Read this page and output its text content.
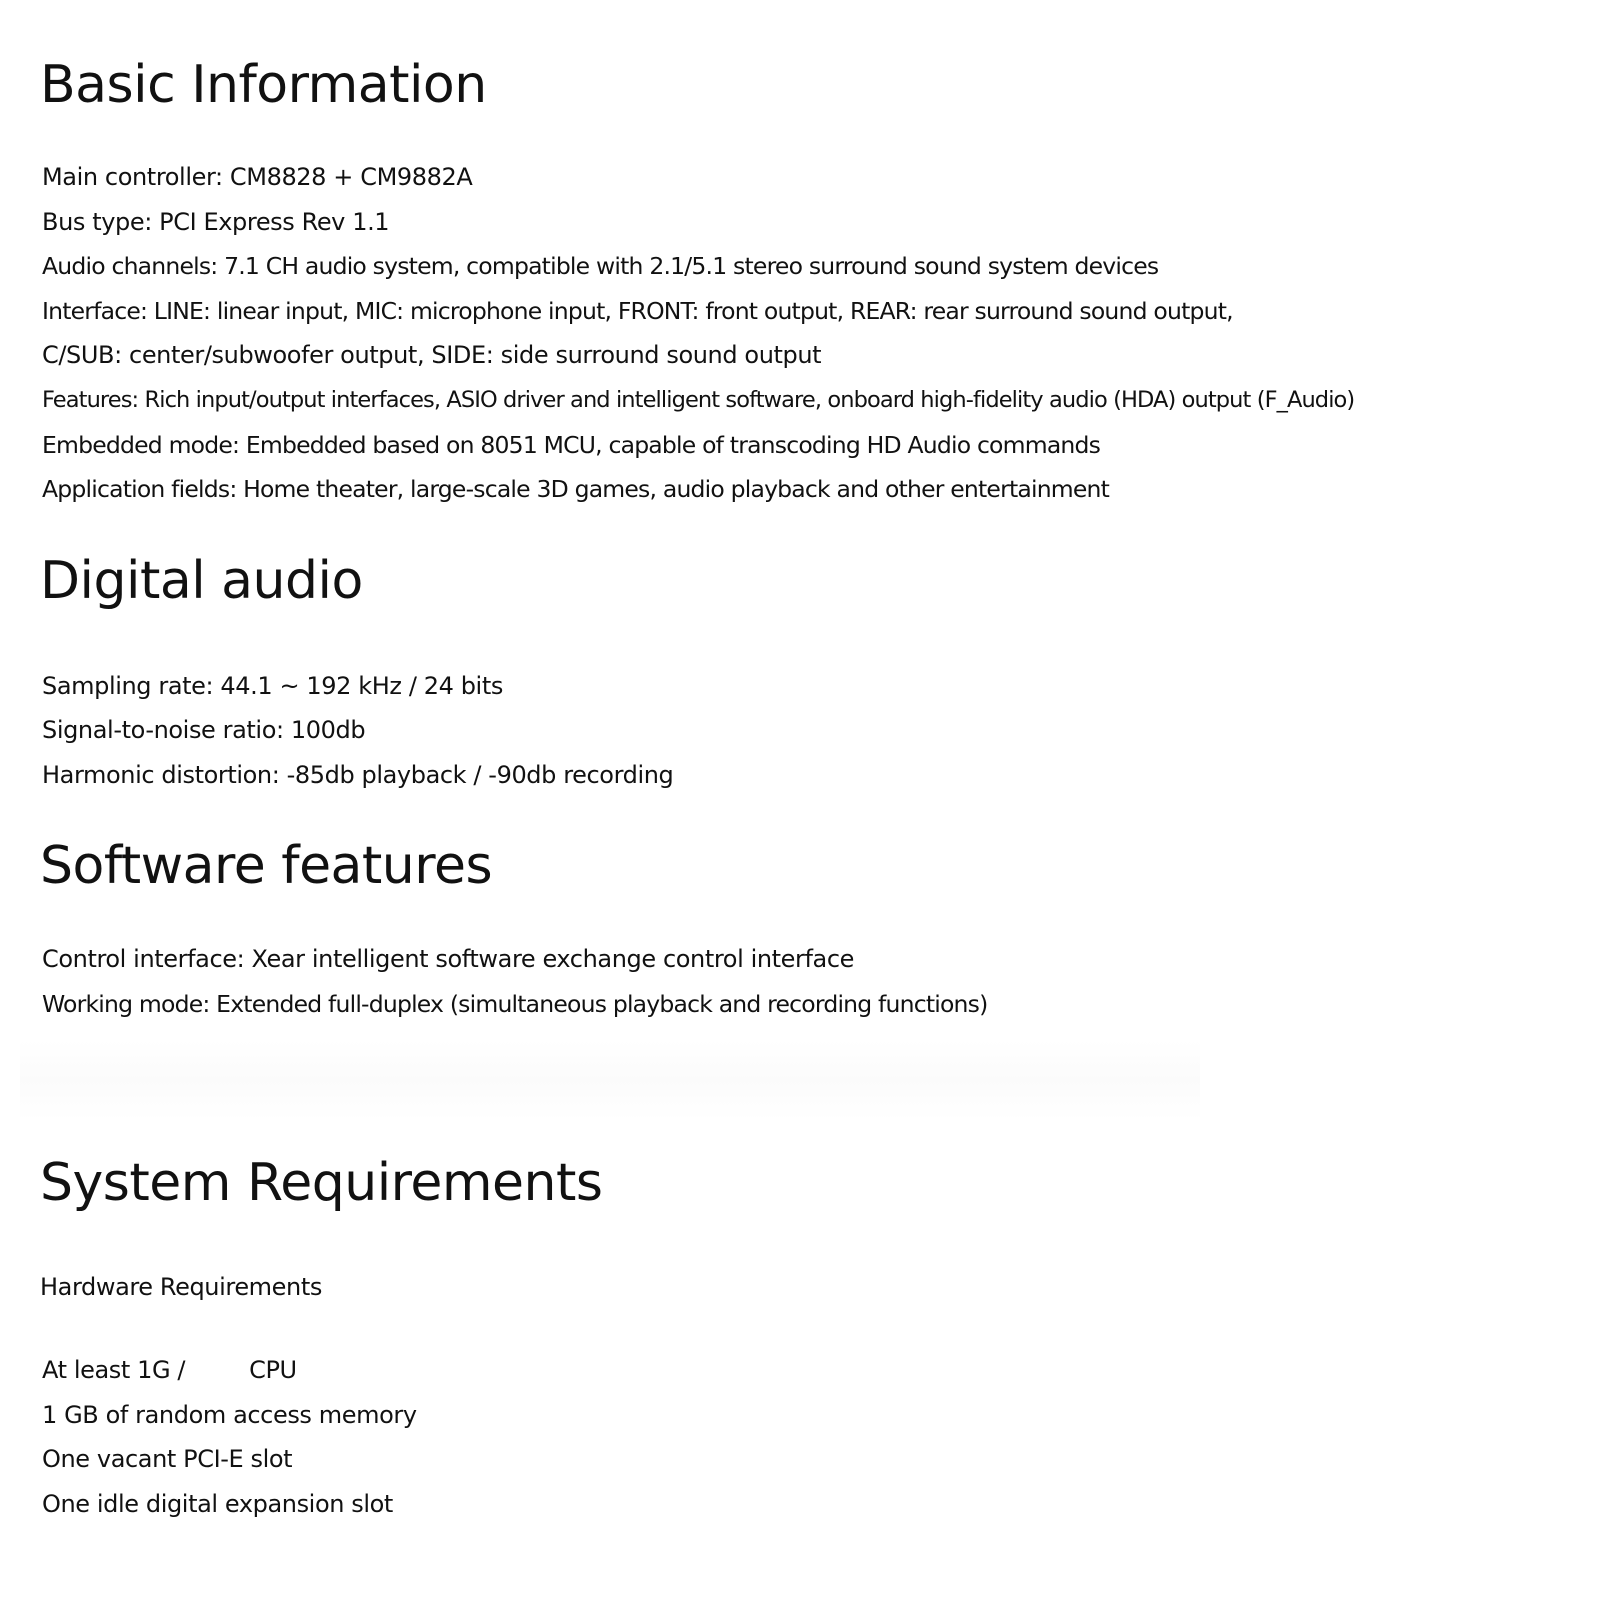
Basic Information

Main controller: CM8828 + CM9882A

Bus type: PCI Express Rev 1.1

Audio channels: 7.1 CH audio system, compatible with 2.1/5.1 stereo surround sound system devices

Interface: LINE: linear input, MIC: microphone input, FRONT: front output, REAR: rear surround sound output,

C/SUB: center/subwoofer output, SIDE: side surround sound output

Features: Rich input/output interfaces, ASIO driver and intelligent software, onboard high-fidelity audio (HDA) output (F_Audio)

Embedded mode: Embedded based on 8051 MCU, capable of transcoding HD Audio commands

Application fields: Home theater, large-scale 3D games, audio playback and other entertainment

Digital audio

Sampling rate: 44.1 ~ 192 kHz / 24 bits

Signal-to-noise ratio: 100db

Harmonic distortion: -85db playback / -90db recording

Software features

Control interface: Xear intelligent software exchange control interface

Working mode: Extended full-duplex (simultaneous playback and recording functions)

System Requirements

Hardware Requirements

At least 1G /	CPU

1 GB of random access memory

One vacant PCI-E slot

One idle digital expansion slot
